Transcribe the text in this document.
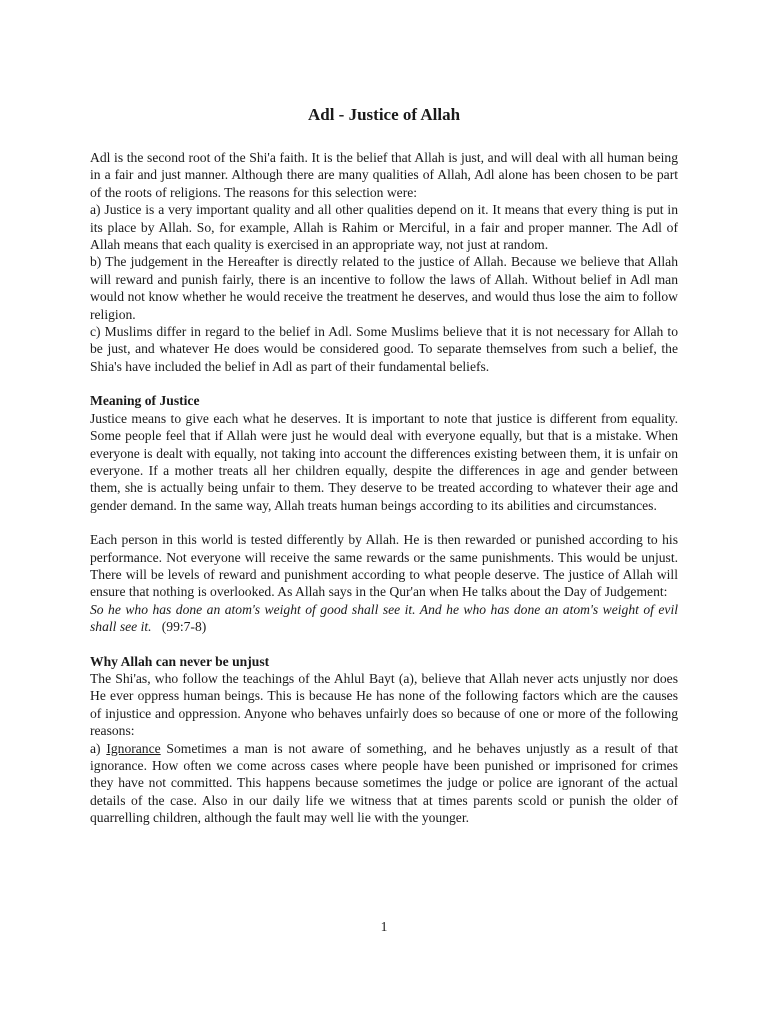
Adl - Justice of Allah

Adl is the second root of the Shi'a faith. It is the belief that Allah is just, and will deal with all human being in a fair and just manner. Although there are many qualities of Allah, Adl alone has been chosen to be part of the roots of religions. The reasons for this selection were:

a) Justice is a very important quality and all other qualities depend on it. It means that every thing is put in its place by Allah. So, for example, Allah is Rahim or Merciful, in a fair and proper manner. The Adl of Allah means that each quality is exercised in an appropriate way, not just at random.

b) The judgement in the Hereafter is directly related to the justice of Allah. Because we believe that Allah will reward and punish fairly, there is an incentive to follow the laws of Allah. Without belief in Adl man would not know whether he would receive the treatment he deserves, and would thus lose the aim to follow religion.

c) Muslims differ in regard to the belief in Adl. Some Muslims believe that it is not necessary for Allah to be just, and whatever He does would be considered good. To separate themselves from such a belief, the Shia's have included the belief in Adl as part of their fundamental beliefs.

Meaning of Justice

Justice means to give each what he deserves. It is important to note that justice is different from equality. Some people feel that if Allah were just he would deal with everyone equally, but that is a mistake. When everyone is dealt with equally, not taking into account the differences existing between them, it is unfair on everyone. If a mother treats all her children equally, despite the differences in age and gender between them, she is actually being unfair to them. They deserve to be treated according to whatever their age and gender demand. In the same way, Allah treats human beings according to its abilities and circumstances.

Each person in this world is tested differently by Allah. He is then rewarded or punished according to his performance. Not everyone will receive the same rewards or the same punishments. This would be unjust. There will be levels of reward and punishment according to what people deserve. The justice of Allah will ensure that nothing is overlooked. As Allah says in the Qur'an when He talks about the Day of Judgement:

So he who has done an atom's weight of good shall see it. And he who has done an atom's weight of evil shall see it.   (99:7-8)

Why Allah can never be unjust

The Shi'as, who follow the teachings of the Ahlul Bayt (a), believe that Allah never acts unjustly nor does He ever oppress human beings. This is because He has none of the following factors which are the causes of injustice and oppression. Anyone who behaves unfairly does so because of one or more of the following reasons:

a) Ignorance Sometimes a man is not aware of something, and he behaves unjustly as a result of that ignorance. How often we come across cases where people have been punished or imprisoned for crimes they have not committed. This happens because sometimes the judge or police are ignorant of the actual details of the case. Also in our daily life we witness that at times parents scold or punish the older of quarrelling children, although the fault may well lie with the younger.

1
